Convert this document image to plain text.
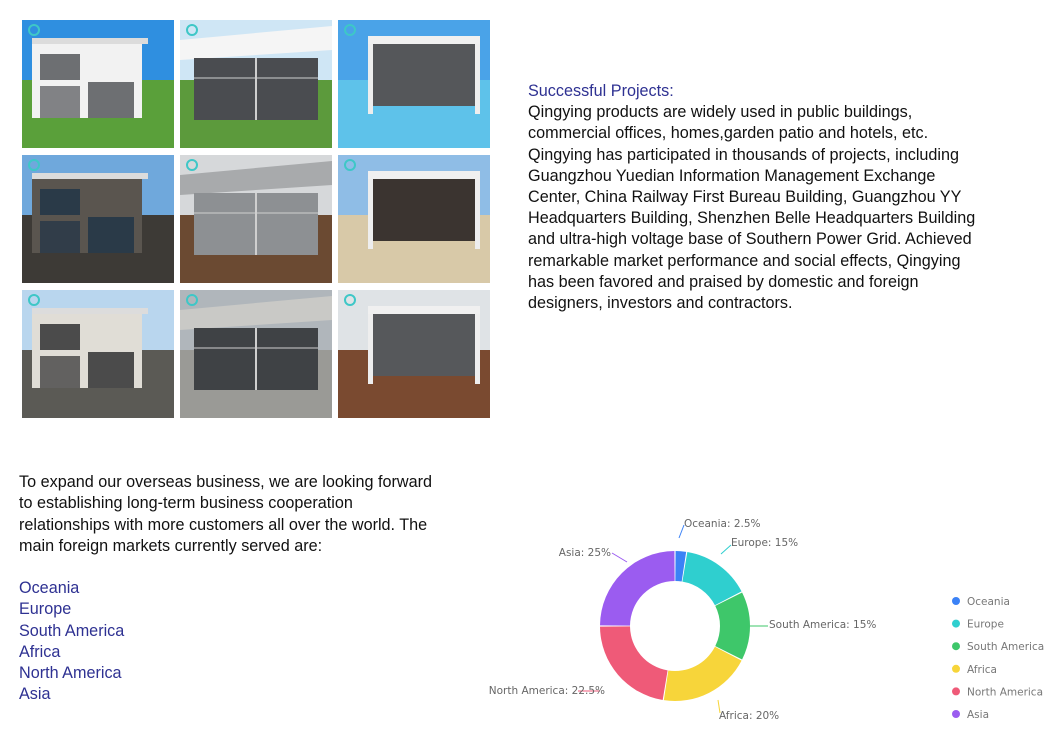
Successful Projects:
Qingying products are widely used in public buildings,
commercial offices, homes,garden patio and hotels, etc.
Qingying has participated in thousands of projects, including
Guangzhou Yuedian Information Management Exchange
Center, China Railway First Bureau Building, Guangzhou YY
Headquarters Building, Shenzhen Belle Headquarters Building
and ultra-high voltage base of Southern Power Grid. Achieved
remarkable market performance and social effects, Qingying
has been favored and praised by domestic and foreign
designers, investors and contractors.
To expand our overseas business, we are looking forward
to establishing long-term business cooperation
relationships with more customers all over the world. The
main foreign markets currently served are:
Oceania
Europe
South America
Africa
North America
Asia
Oceania: 2.5%
Europe: 15%
South America: 15%
Africa: 20%
North America: 22.5%
Asia: 25%
Oceania
Europe
South America
Africa
North America
Asia
